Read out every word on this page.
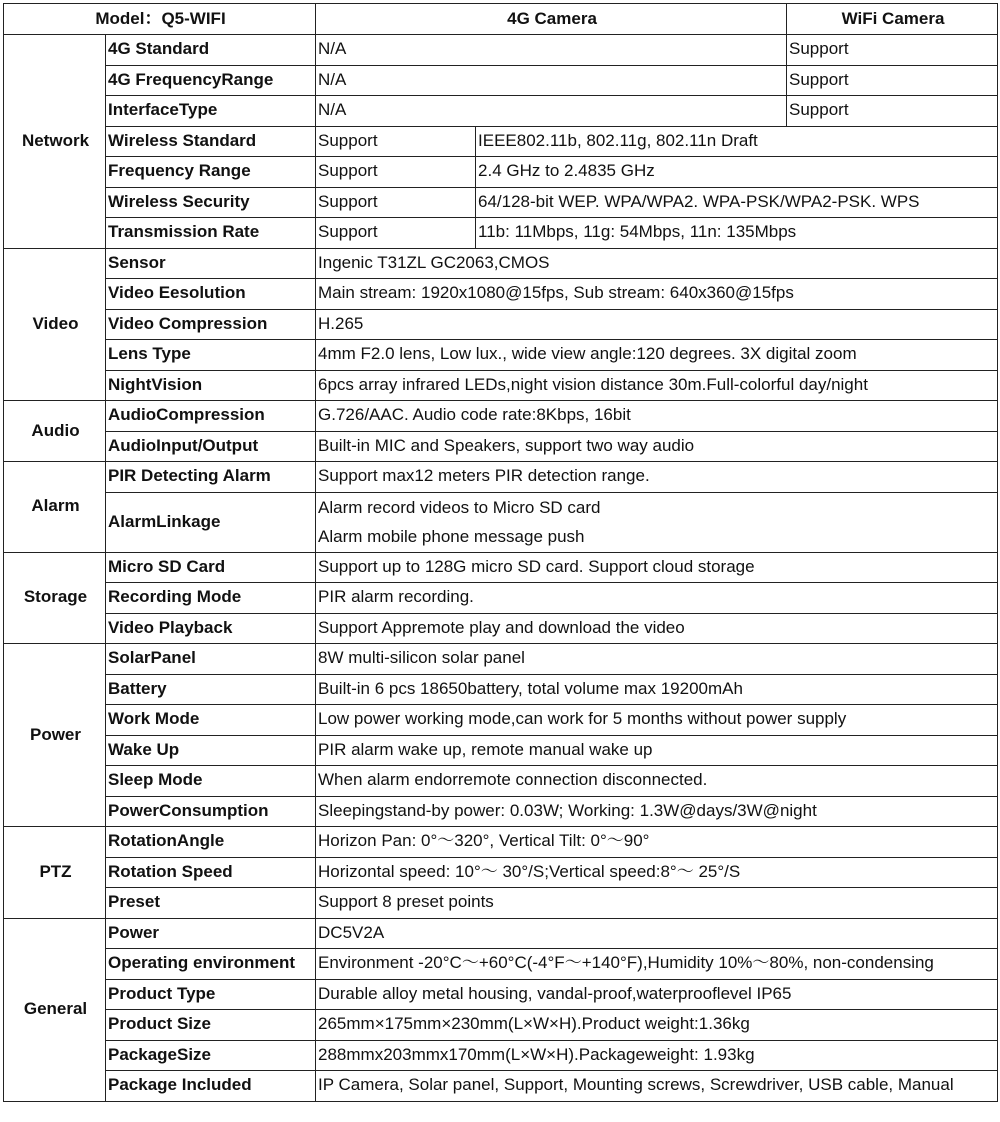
Model：Q5-WIFI		4G Camera		WiFi Camera
Network	4G Standard	N/A		Support
	4G FrequencyRange	N/A		Support
	InterfaceType	N/A		Support
	Wireless Standard	Support	IEEE802.11b, 802.11g, 802.11n Draft	
	Frequency Range	Support	2.4 GHz to 2.4835 GHz	
	Wireless Security	Support	64/128-bit WEP. WPA/WPA2. WPA-PSK/WPA2-PSK. WPS	
	Transmission Rate	Support	11b: 11Mbps, 11g: 54Mbps, 11n: 135Mbps	
Video	Sensor	Ingenic T31ZL GC2063,CMOS		
	Video Eesolution	Main stream: 1920x1080@15fps, Sub stream: 640x360@15fps		
	Video Compression	H.265		
	Lens Type	4mm F2.0 lens, Low lux., wide view angle:120 degrees. 3X digital zoom		
	NightVision	6pcs array infrared LEDs,night vision distance 30m.Full-colorful day/night		
Audio	AudioCompression	G.726/AAC. Audio code rate:8Kbps, 16bit		
	AudioInput/Output	Built-in MIC and Speakers, support two way audio		
Alarm	PIR Detecting Alarm	Support max12 meters PIR detection range.		
	AlarmLinkage	Alarm record videos to Micro SD card
Alarm mobile phone message push		

Storage	Micro SD Card	Support up to 128G micro SD card. Support cloud storage		
	Recording Mode	PIR alarm recording.		
	Video Playback	Support Appremote play and download the video		
Power	SolarPanel	8W multi-silicon solar panel		
	Battery	Built-in 6 pcs 18650battery, total volume max 19200mAh		
	Work Mode	Low power working mode,can work for 5 months without power supply		
	Wake Up	PIR alarm wake up, remote manual wake up		
	Sleep Mode	When alarm endorremote connection disconnected.		
	PowerConsumption	Sleepingstand-by power: 0.03W; Working: 1.3W@days/3W@night		
PTZ	RotationAngle	Horizon Pan: 0°～320°, Vertical Tilt: 0°～90°		
	Rotation Speed	Horizontal speed: 10°～ 30°/S;Vertical speed:8°～ 25°/S		
	Preset	Support 8 preset points		
General	Power	DC5V2A		
	Operating environment	Environment -20°C～+60°C(-4°F～+140°F),Humidity 10%～80%, non-condensing		
	Product Type	Durable alloy metal housing, vandal-proof,waterprooflevel IP65		
	Product Size	265mm×175mm×230mm(L×W×H).Product weight:1.36kg		
	PackageSize	288mmx203mmx170mm(L×W×H).Packageweight: 1.93kg		
	Package Included	IP Camera, Solar panel, Support, Mounting screws, Screwdriver, USB cable, Manual		
